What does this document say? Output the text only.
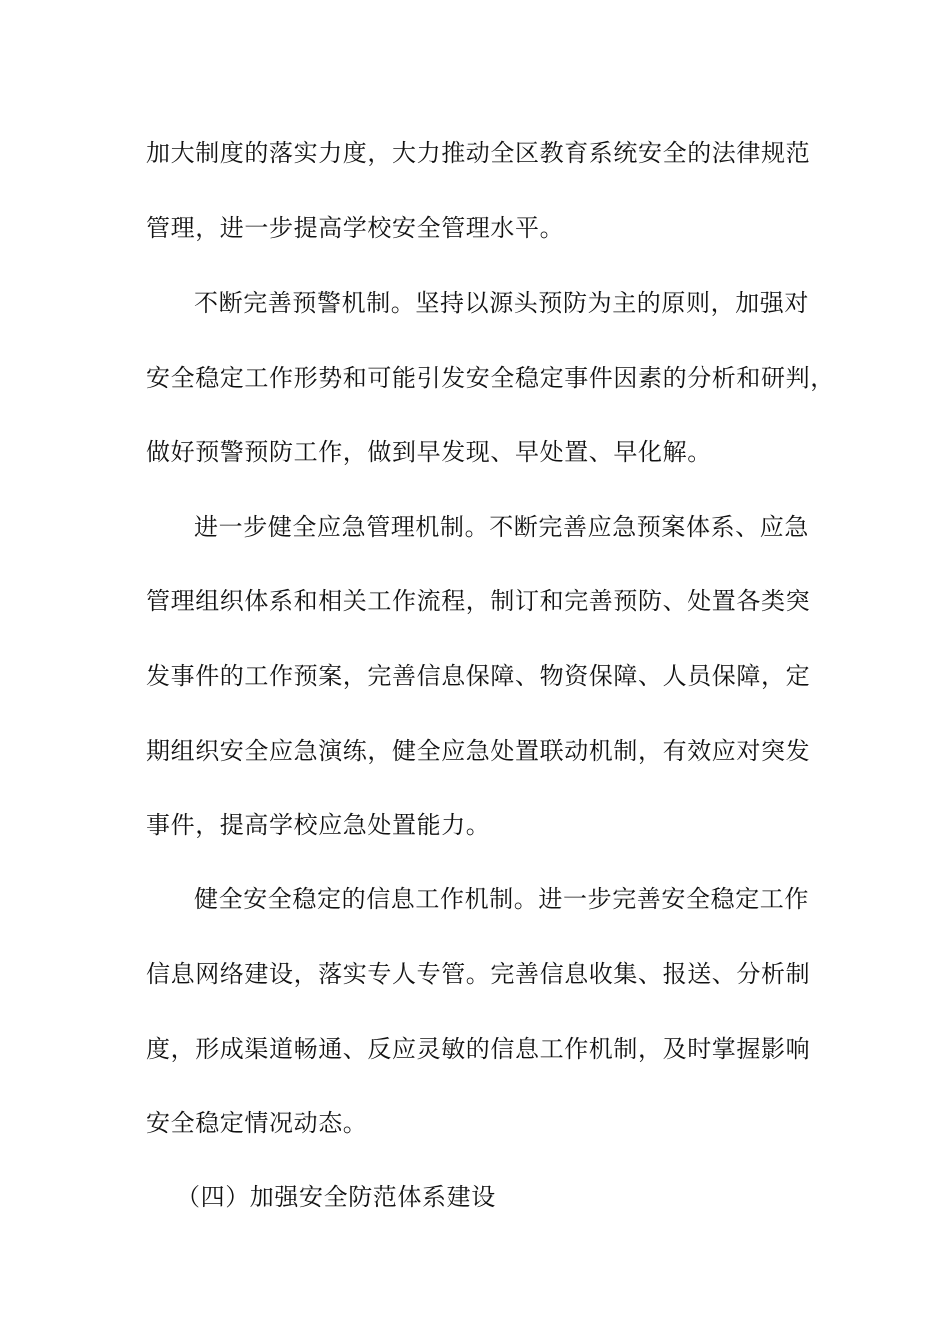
加大制度的落实力度，大力推动全区教育系统安全的法律规范
管理，进一步提高学校安全管理水平。
不断完善预警机制。坚持以源头预防为主的原则，加强对
安全稳定工作形势和可能引发安全稳定事件因素的分析和研判，
做好预警预防工作，做到早发现、早处置、早化解。
进一步健全应急管理机制。不断完善应急预案体系、应急
管理组织体系和相关工作流程，制订和完善预防、处置各类突
发事件的工作预案，完善信息保障、物资保障、人员保障，定
期组织安全应急演练，健全应急处置联动机制，有效应对突发
事件，提高学校应急处置能力。
健全安全稳定的信息工作机制。进一步完善安全稳定工作
信息网络建设，落实专人专管。完善信息收集、报送、分析制
度，形成渠道畅通、反应灵敏的信息工作机制，及时掌握影响
安全稳定情况动态。
（四）加强安全防范体系建设
